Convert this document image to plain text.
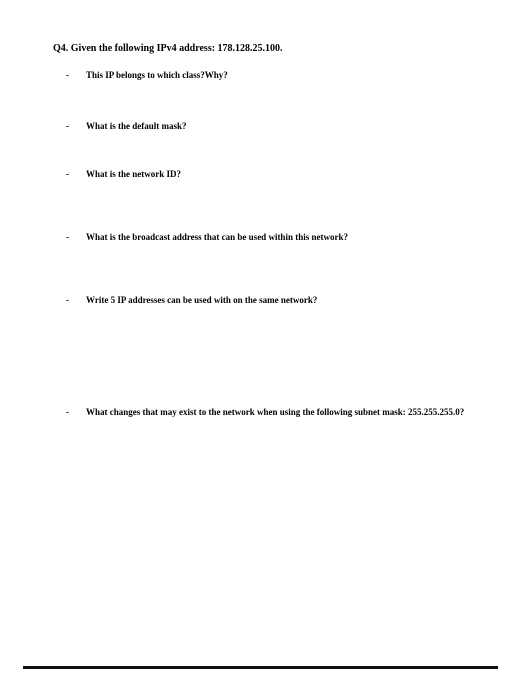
Q4. Given the following IPv4 address: 178.128.25.100.
-	This IP belongs to which class?Why?
-	What is the default mask?
-	What is the network ID?
-	What is the broadcast address that can be used within this network?
-	Write 5 IP addresses can be used with on the same network?
-	What changes that may exist to the network when using the following subnet mask: 255.255.255.0?
